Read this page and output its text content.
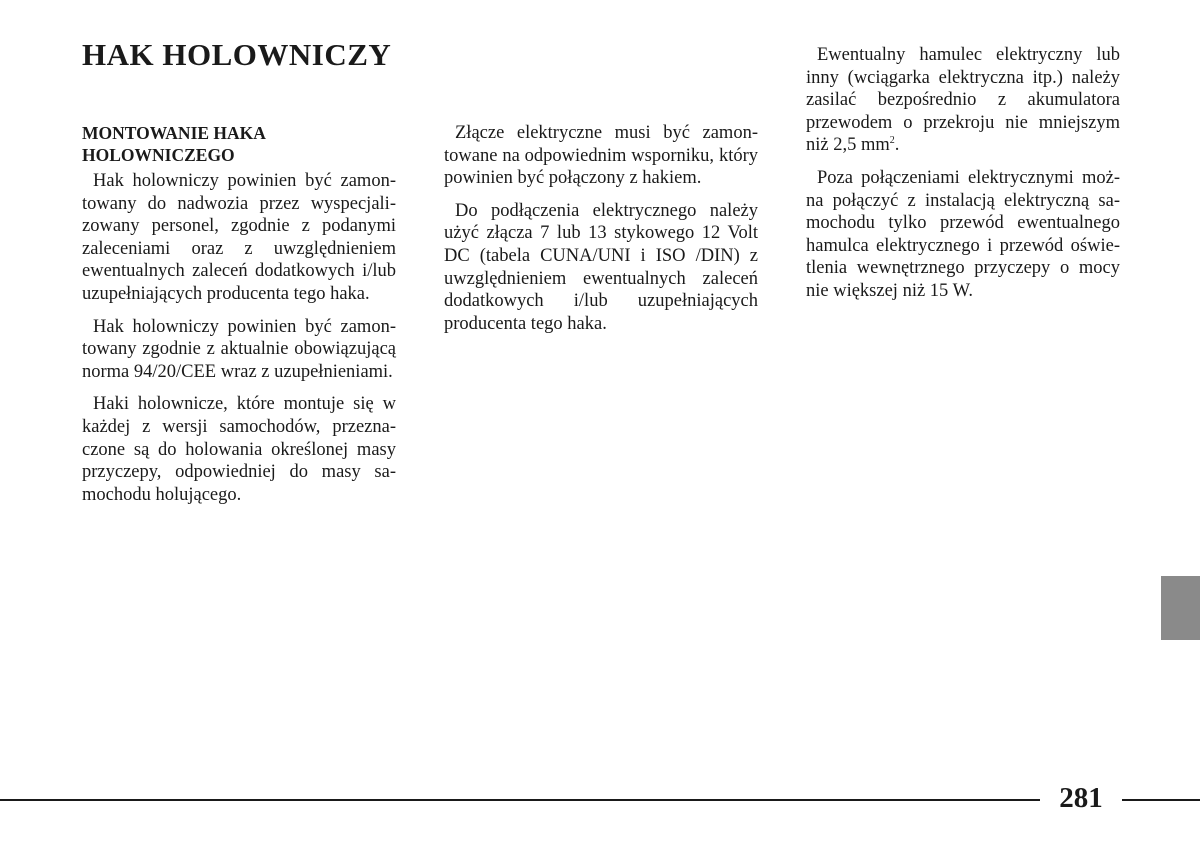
HAK HOLOWNICZY
MONTOWANIE HAKA HOLOWNICZEGO

Hak holowniczy powinien być zamontowany do nadwozia przez wyspecjalizowany personel, zgodnie z podanymi zaleceniami oraz z uwzględnieniem ewentualnych zaleceń dodatkowych i/lub uzupełniających producenta tego haka.

Hak holowniczy powinien być zamontowany zgodnie z aktualnie obowiązującą norma 94/20/CEE wraz z uzupełnieniami.

Haki holownicze, które montuje się w każdej z wersji samochodów, przeznaczone są do holowania określonej masy przyczepy, odpowiedniej do masy samochodu holującego.

Złącze elektryczne musi być zamontowane na odpowiednim wsporniku, który powinien być połączony z hakiem.

Do podłączenia elektrycznego należy użyć złącza 7 lub 13 stykowego 12 Volt DC (tabela CUNA/UNI i ISO /DIN) z uwzględnieniem ewentualnych zaleceń dodatkowych i/lub uzupełniających producenta tego haka.

Ewentualny hamulec elektryczny lub inny (wciągarka elektryczna itp.) należy zasilać bezpośrednio z akumulatora przewodem o przekroju nie mniejszym niż 2,5 $mm^2$.

Poza połączeniami elektrycznymi można połączyć z instalacją elektryczną samochodu tylko przewód ewentualnego hamulca elektrycznego i przewód oświetlenia wewnętrznego przyczepy o mocy nie większej niż 15 W.

281
